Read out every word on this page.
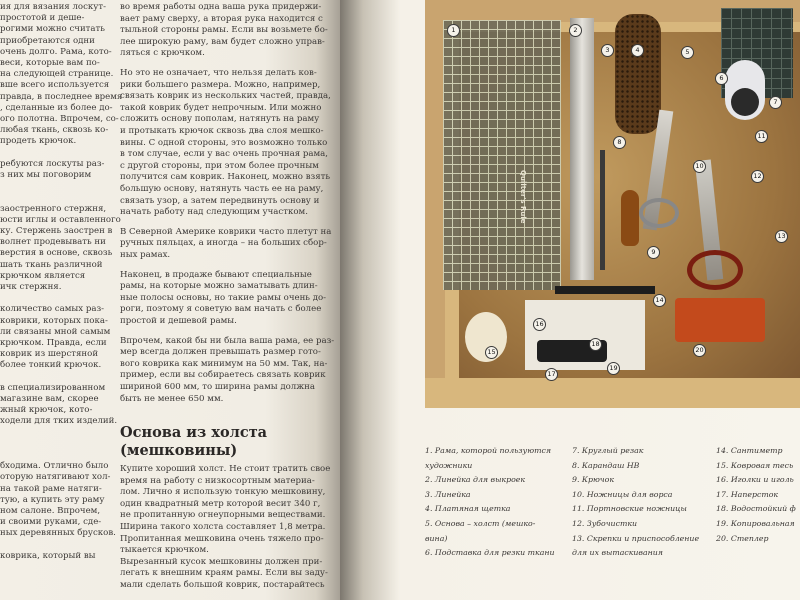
ия для вязания лоскут-
простотой и деше-
рогими можно считать
приобретаются одни
очень долго. Рама, кото-
веси, которые вам по-
на следующей странице.
вше всего используется
правда, в последнее время
, сделанные из более до-
ого полотна. Впрочем, со-
любая ткань, сквозь ко-
продеть крючок.
ребуются лоскуты раз-
з них мы поговорим
заостренного стержня,
юсти иглы и оставленного
ку. Стержень заострен в
волнет продевывать ни
верстия в основе, сквозь
шать ткань различной
крючком является
ичк стержня.
количество самых раз-
коврики, которых пока-
ли связаны мной самым
крючком. Правда, если
коврик из шерстяной
более тонкий крючок.
в специализированном
магазине вам, скорее
жный крючок, кото-
ходели для тких изделий.
бходима. Отлично было
оторую натягивают хол-
на такой раме натяги-
тую, а купить эту раму
ном салоне. Впрочем,
и своими руками, сде-
ных деревянных брусков.
коврика, который вы
во время работы одна ваша рука придержи-
вает раму сверху, а вторая рука находится с
тыльной стороны рамы. Если вы возьмете бо-
лее широкую раму, вам будет сложно управ-
ляться с крючком.
Но это не означает, что нельзя делать ков-
рики большего размера. Можно, например,
связать коврик из нескольких частей, правда,
такой коврик будет непрочным. Или можно
сложить основу пополам, натянуть на раму
и протыкать крючок сквозь два слоя мешко-
вины. С одной стороны, это возможно только
в том случае, если у вас очень прочная рама,
с другой стороны, при этом более прочным
получится сам коврик. Наконец, можно взять
большую основу, натянуть часть ее на раму,
связать узор, а затем передвинуть основу и
начать работу над следующим участком.
В Северной Америке коврики часто плетут на
ручных пяльцах, а иногда – на больших сбор-
ных рамах.
Наконец, в продаже бывают специальные
рамы, на которые можно заматывать длин-
ные полосы основы, но такие рамы очень до-
роги, поэтому я советую вам начать с более
простой и дешевой рамы.
Впрочем, какой бы ни была ваша рама, ее раз-
мер всегда должен превышать размер гото-
вого коврика как минимум на 50 мм. Так, на-
пример, если вы собираетесь связать коврик
шириной 600 мм, то ширина рамы должна
быть не менее 650 мм.
Основа из холста
(мешковины)
Купите хороший холст. Не стоит тратить свое
время на работу с низкосортным материа-
лом. Лично я использую тонкую мешковину,
один квадратный метр которой весит 340 г,
не пропитанную огнеупорными веществами.
Ширина такого холста составляет 1,8 метра.
Пропитанная мешковина очень тяжело про-
тыкается крючком.
Вырезанный кусок мешковины должен при-
легать к внешним краям рамы. Если вы заду-
мали сделать большой коврик, постарайтесь
Quilter's Rule
1	2
3	4	5
6
7
8
9
10
11
12
13
14
15
16
17
18
19
20
1. Рама, которой пользуются
художники
2. Линейка для выкроек
3. Линейка
4. Платяная щетка
5. Основа – холст (мешко-
вина)
6. Подставка для резки ткани
7. Круглый резак
8. Карандаш НВ
9. Крючок
10. Ножницы для ворса
11. Портновские ножницы
12. Зубочистки
13. Скрепки и приспособление
для их вытаскивания
14. Сантиметр
15. Ковровая тесь
16. Иголки и иголь
17. Наперсток
18. Водостойкий ф
19. Копировальная
20. Степлер
